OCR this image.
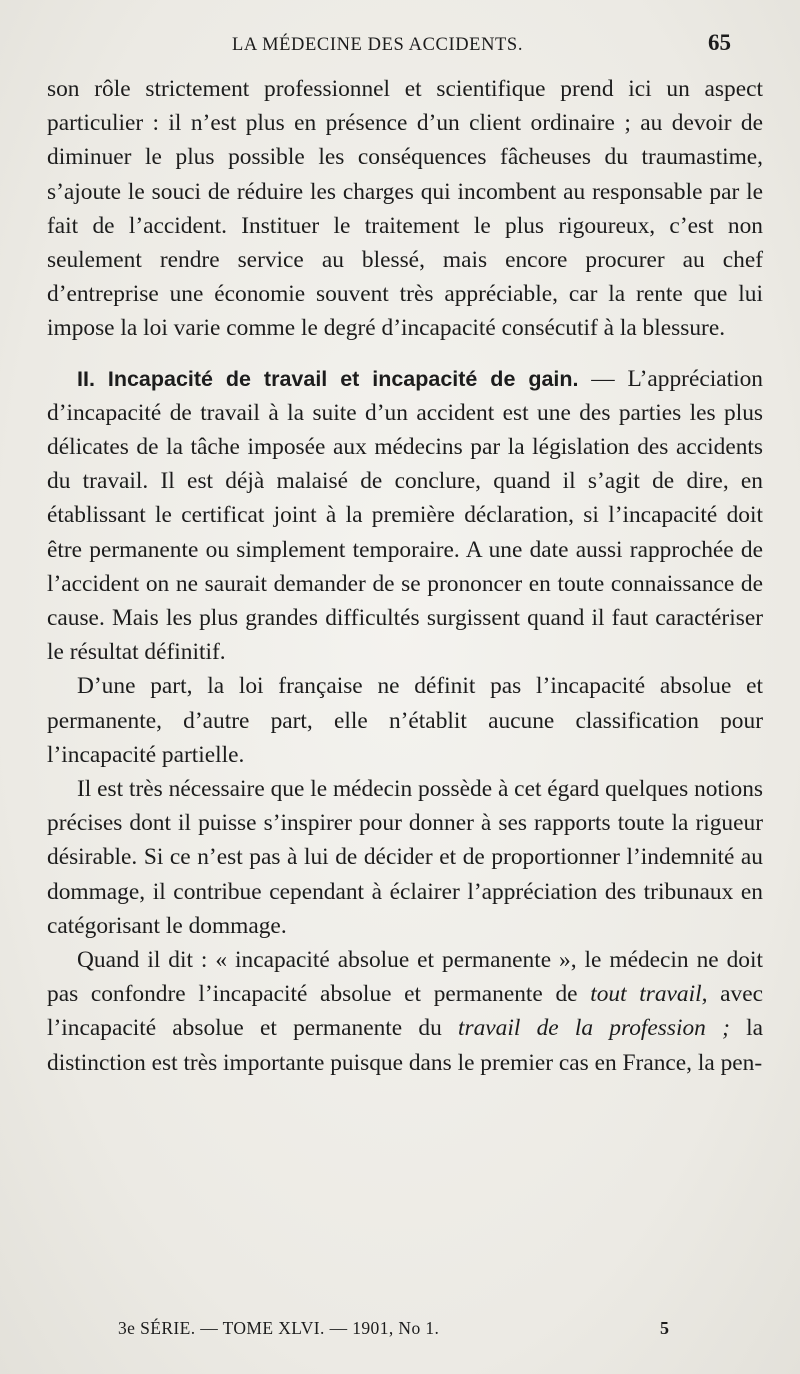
LA MÉDECINE DES ACCIDENTS.	65

son rôle strictement professionnel et scientifique prend ici un aspect particulier : il n’est plus en présence d’un client ordinaire ; au devoir de diminuer le plus possible les conséquences fâcheuses du traumastime, s’ajoute le souci de réduire les charges qui incombent au responsable par le fait de l’accident. Instituer le traitement le plus rigoureux, c’est non seulement rendre service au blessé, mais encore procurer au chef d’entreprise une économie souvent très appréciable, car la rente que lui impose la loi varie comme le degré d’incapacité consécutif à la blessure.

II. Incapacité de travail et incapacité de gain. — L’appréciation d’incapacité de travail à la suite d’un accident est une des parties les plus délicates de la tâche imposée aux médecins par la législation des accidents du travail. Il est déjà malaisé de conclure, quand il s’agit de dire, en établissant le certificat joint à la première déclaration, si l’incapacité doit être permanente ou simplement temporaire. A une date aussi rapprochée de l’accident on ne saurait demander de se prononcer en toute connaissance de cause. Mais les plus grandes difficultés surgissent quand il faut caractériser le résultat définitif.

D’une part, la loi française ne définit pas l’incapacité absolue et permanente, d’autre part, elle n’établit aucune classification pour l’incapacité partielle.

Il est très nécessaire que le médecin possède à cet égard quelques notions précises dont il puisse s’inspirer pour donner à ses rapports toute la rigueur désirable. Si ce n’est pas à lui de décider et de proportionner l’indemnité au dommage, il contribue cependant à éclairer l’appréciation des tribunaux en catégorisant le dommage.

Quand il dit : « incapacité absolue et permanente », le médecin ne doit pas confondre l’incapacité absolue et permanente de tout travail, avec l’incapacité absolue et permanente du travail de la profession ; la distinction est très importante puisque dans le premier cas en France, la pen-

3e SÉRIE. — TOME XLVI. — 1901, No 1.	5
